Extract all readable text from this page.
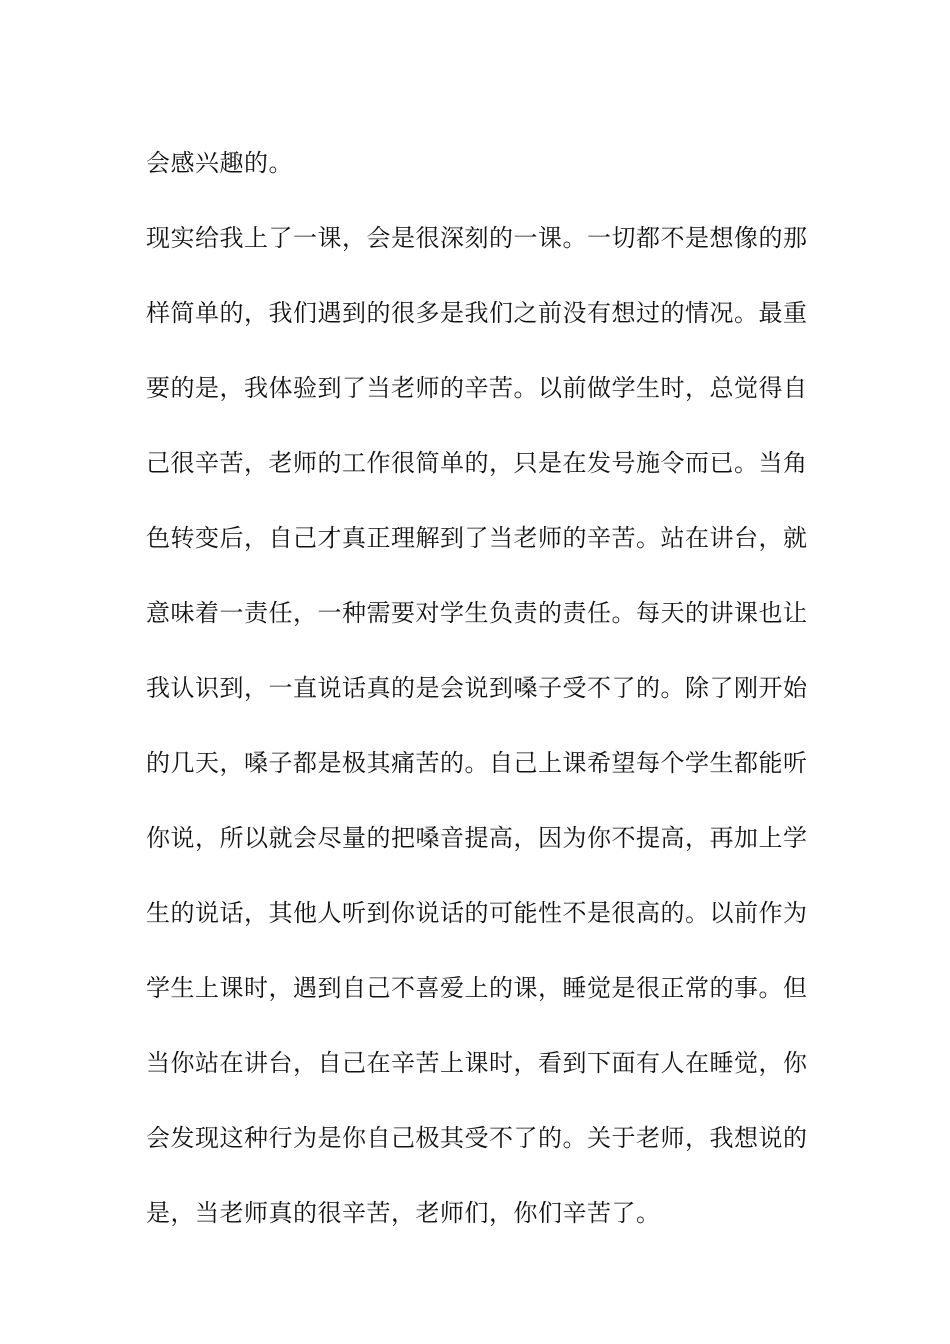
会感兴趣的。
现实给我上了一课，会是很深刻的一课。一切都不是想像的那
样简单的，我们遇到的很多是我们之前没有想过的情况。最重
要的是，我体验到了当老师的辛苦。以前做学生时，总觉得自
己很辛苦，老师的工作很简单的，只是在发号施令而已。当角
色转变后，自己才真正理解到了当老师的辛苦。站在讲台，就
意味着一责任，一种需要对学生负责的责任。每天的讲课也让
我认识到，一直说话真的是会说到嗓子受不了的。除了刚开始
的几天，嗓子都是极其痛苦的。自己上课希望每个学生都能听
你说，所以就会尽量的把嗓音提高，因为你不提高，再加上学
生的说话，其他人听到你说话的可能性不是很高的。以前作为
学生上课时，遇到自己不喜爱上的课，睡觉是很正常的事。但
当你站在讲台，自己在辛苦上课时，看到下面有人在睡觉，你
会发现这种行为是你自己极其受不了的。关于老师，我想说的
是，当老师真的很辛苦，老师们，你们辛苦了。
